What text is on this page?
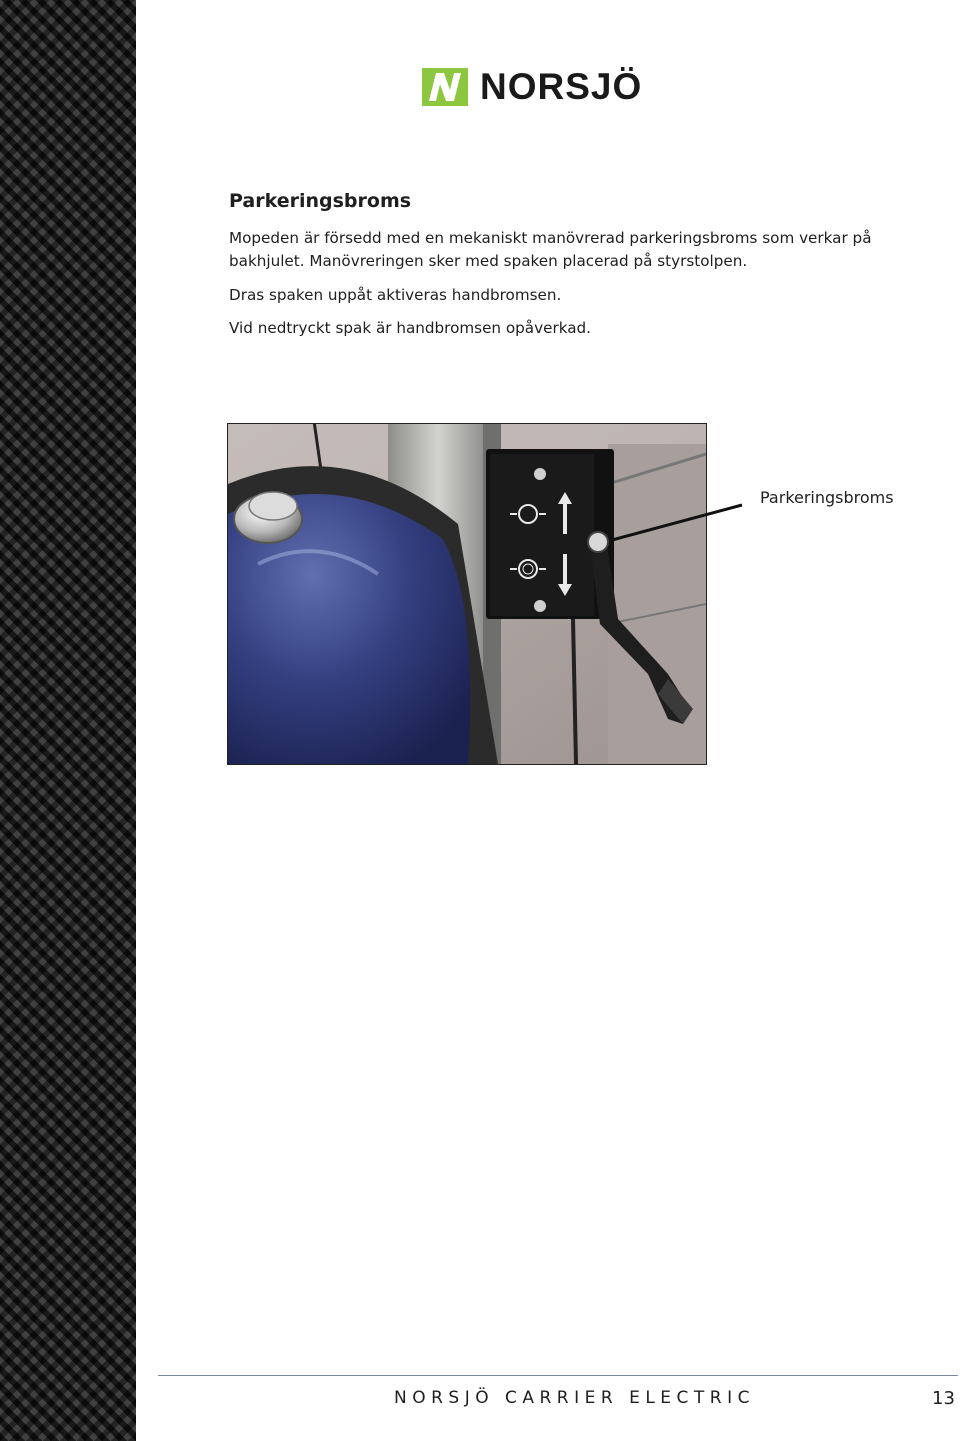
NORSJÖ
Parkeringsbroms

Mopeden är försedd med en mekaniskt manövrerad parkeringsbroms som verkar på bakhjulet. Manövreringen sker med spaken placerad på styrstolpen.

Dras spaken uppåt aktiveras handbromsen.

Vid nedtryckt spak är handbromsen opåverkad.

Parkeringsbroms
NORSJÖ CARRIER ELECTRIC	13
